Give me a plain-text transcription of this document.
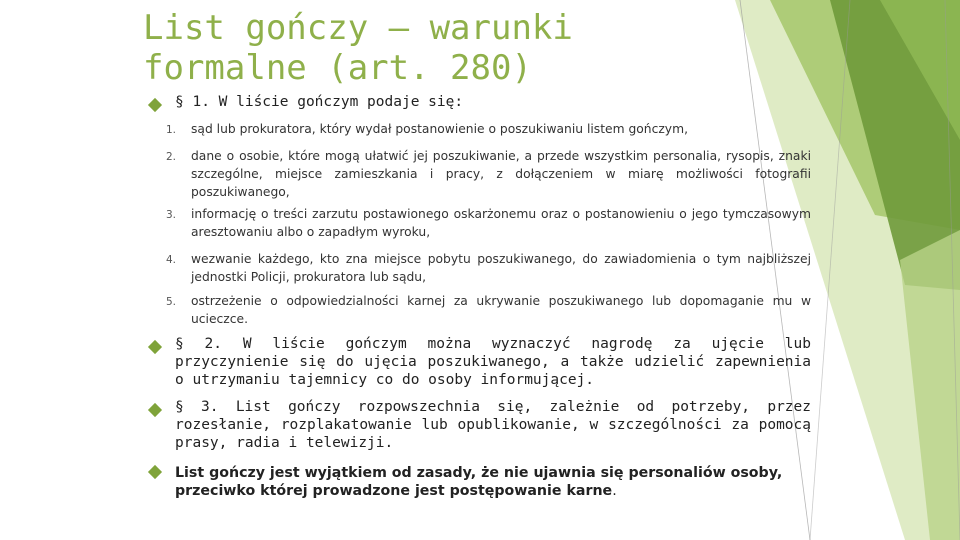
List gończy – warunki formalne (art. 280)
§ 1. W liście gończym podaje się:
1. sąd lub prokuratora, który wydał postanowienie o poszukiwaniu listem gończym,
2. dane o osobie, które mogą ułatwić jej poszukiwanie, a przede wszystkim personalia, rysopis, znaki szczególne, miejsce zamieszkania i pracy, z dołączeniem w miarę możliwości fotografii poszukiwanego,
3. informację o treści zarzutu postawionego oskarżonemu oraz o postanowieniu o jego tymczasowym aresztowaniu albo o zapadłym wyroku,
4. wezwanie każdego, kto zna miejsce pobytu poszukiwanego, do zawiadomienia o tym najbliższej jednostki Policji, prokuratora lub sądu,
5. ostrzeżenie o odpowiedzialności karnej za ukrywanie poszukiwanego lub dopomaganie mu w ucieczce.
§ 2. W liście gończym można wyznaczyć nagrodę za ujęcie lub przyczynienie się do ujęcia poszukiwanego, a także udzielić zapewnienia o utrzymaniu tajemnicy co do osoby informującej.
§ 3. List gończy rozpowszechnia się, zależnie od potrzeby, przez rozesłanie, rozplakatowanie lub opublikowanie, w szczególności za pomocą prasy, radia i telewizji.
List gończy jest wyjątkiem od zasady, że nie ujawnia się personaliów osoby, przeciwko której prowadzone jest postępowanie karne.
